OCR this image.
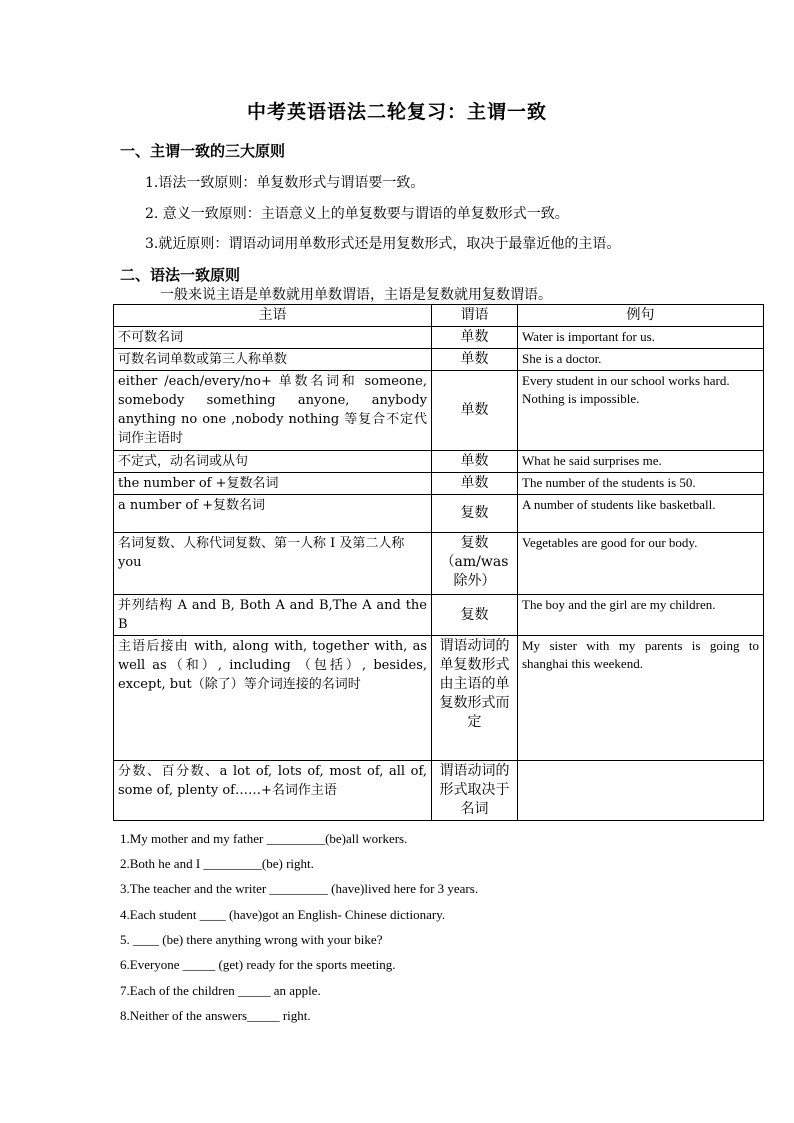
中考英语语法二轮复习：主谓一致
一、主谓一致的三大原则
1.语法一致原则：单复数形式与谓语要一致。
2. 意义一致原则：主语意义上的单复数要与谓语的单复数形式一致。
3.就近原则：谓语动词用单数形式还是用复数形式，取决于最靠近他的主语。
二、语法一致原则
一般来说主语是单数就用单数谓语，主语是复数就用复数谓语。
主语	谓语	例句
不可数名词	单数	Water is important for us.
可数名词单数或第三人称单数	单数	She is a doctor.
either /each/every/no+ 单数名词和 someone, somebody something anyone, anybody anything no one ,nobody nothing 等复合不定代词作主语时	单数	Every student in our school works hard.
Nothing is impossible.
不定式，动名词或从句	单数	What he said surprises me.
the number of +复数名词	单数	The number of the students is 50.
a number of +复数名词	复数	A number of students like basketball.
名词复数、人称代词复数、第一人称 I 及第二人称 you	复数（am/was除外）	Vegetables are good for our body.
并列结构 A and B, Both A and B,The A and the B	复数	The boy and the girl are my children.
主语后接由 with, along with, together with, as well as（和）, including （包括）, besides, except, but（除了）等介词连接的名词时	谓语动词的单复数形式由主语的单复数形式而定	My sister with my parents is going to shanghai this weekend.
分数、百分数、a lot of, lots of, most of, all of, some of, plenty of……+名词作主语	谓语动词的形式取决于名词	
1.My mother and my father _________(be)all workers.
2.Both he and I _________(be) right.
3.The teacher and the writer _________ (have)lived here for 3 years.
4.Each student ____ (have)got an English- Chinese dictionary.
5. ____ (be) there anything wrong with your bike?
6.Everyone _____ (get) ready for the sports meeting.
7.Each of the children _____ an apple.
8.Neither of the answers_____ right.
